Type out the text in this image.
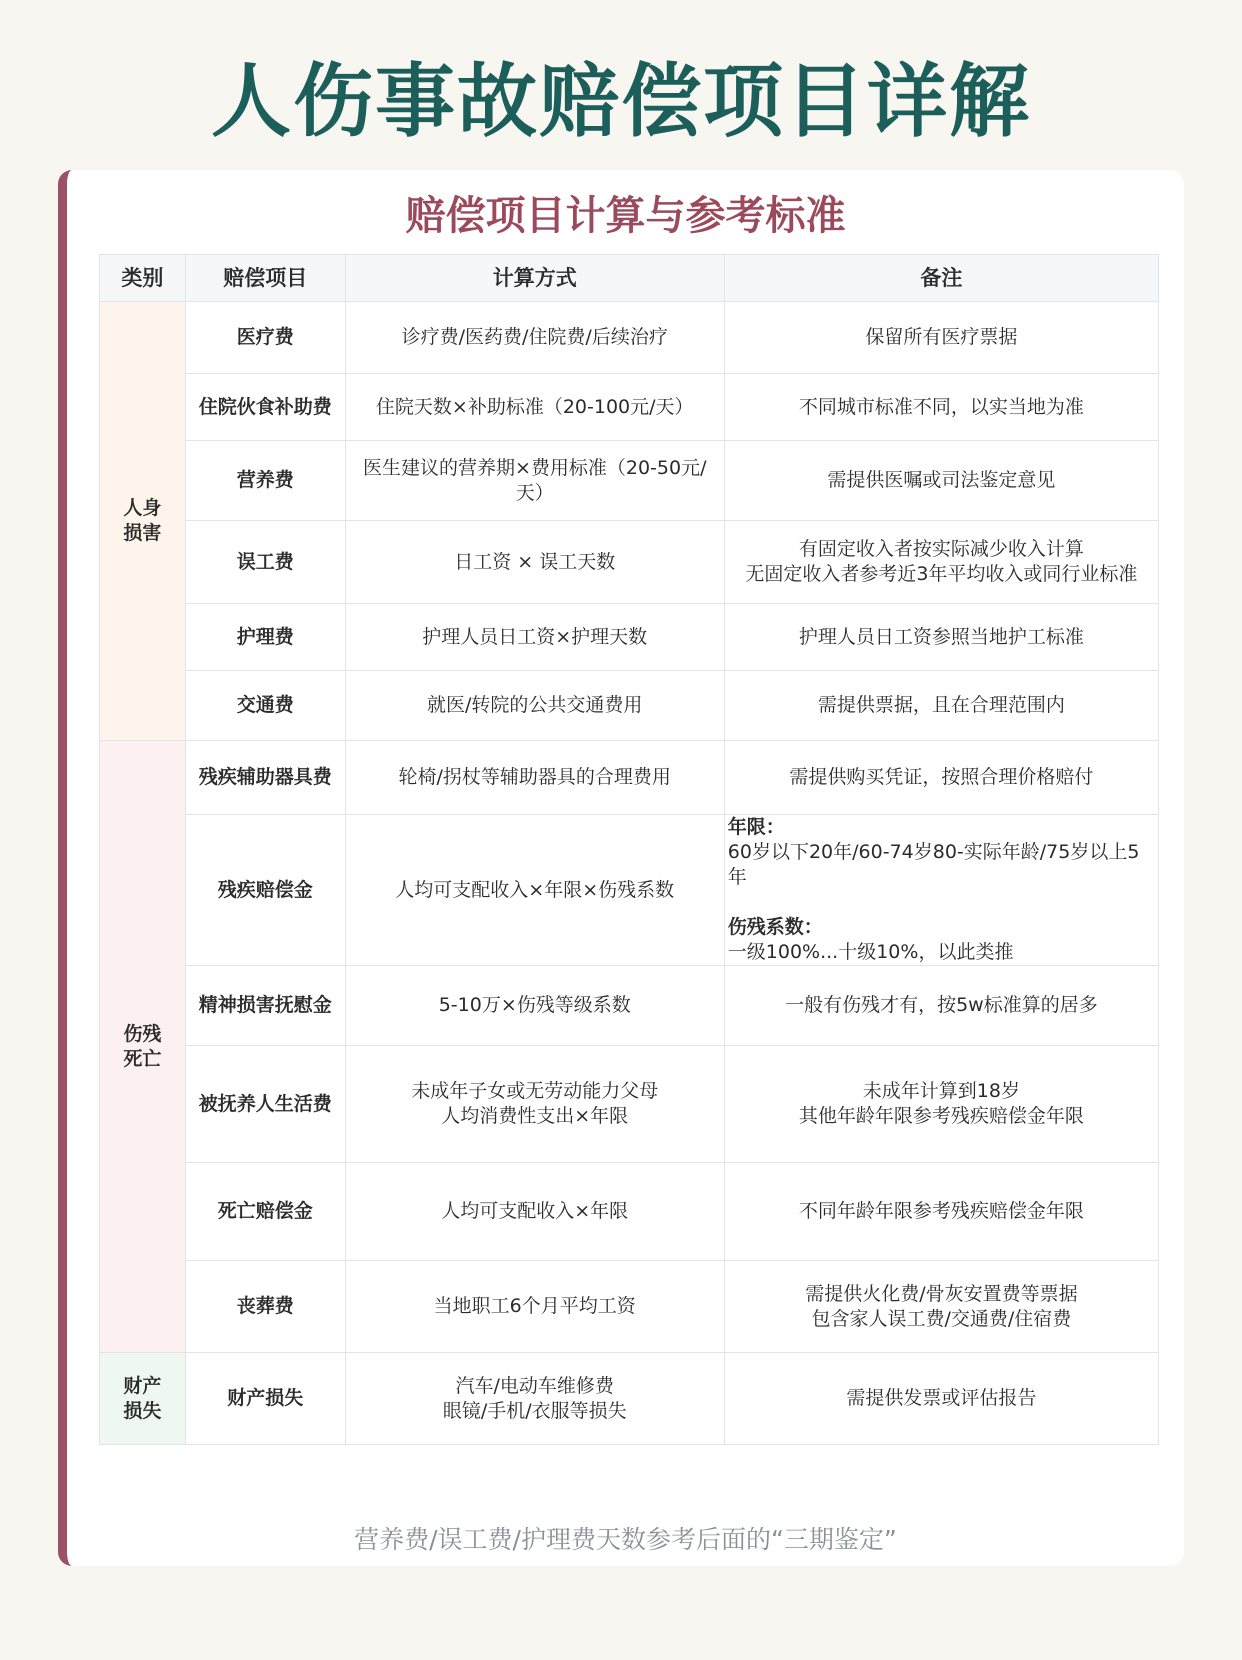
人伤事故赔偿项目详解
赔偿项目计算与参考标准
类别	赔偿项目	计算方式	备注
人身损害	医疗费	诊疗费/医药费/住院费/后续治疗	保留所有医疗票据
	住院伙食补助费	住院天数×补助标准（20-100元/天）	不同城市标准不同，以实当地为准
	营养费	医生建议的营养期×费用标准（20-50元/天）	需提供医嘱或司法鉴定意见
	误工费	日工资 × 误工天数	有固定收入者按实际减少收入计算
无固定收入者参考近3年平均收入或同行业标准

	护理费	护理人员日工资×护理天数	护理人员日工资参照当地护工标准
	交通费	就医/转院的公共交通费用	需提供票据，且在合理范围内
伤残死亡	残疾辅助器具费	轮椅/拐杖等辅助器具的合理费用	需提供购买凭证，按照合理价格赔付
	残疾赔偿金	人均可支配收入×年限×伤残系数	年限：
60岁以下20年/60-74岁80-实际年龄/75岁以上5年
伤残系数：
一级100%...十级10%，以此类推

	精神损害抚慰金	5-10万×伤残等级系数	一般有伤残才有，按5w标准算的居多
	被抚养人生活费	未成年子女或无劳动能力父母
人均消费性支出×年限	未成年计算到18岁
其他年龄年限参考残疾赔偿金年限

	死亡赔偿金	人均可支配收入×年限	不同年龄年限参考残疾赔偿金年限
	丧葬费	当地职工6个月平均工资	需提供火化费/骨灰安置费等票据
包含家人误工费/交通费/住宿费

财产损失	财产损失	汽车/电动车维修费
眼镜/手机/衣服等损失	需提供发票或评估报告
营养费/误工费/护理费天数参考后面的“三期鉴定”
